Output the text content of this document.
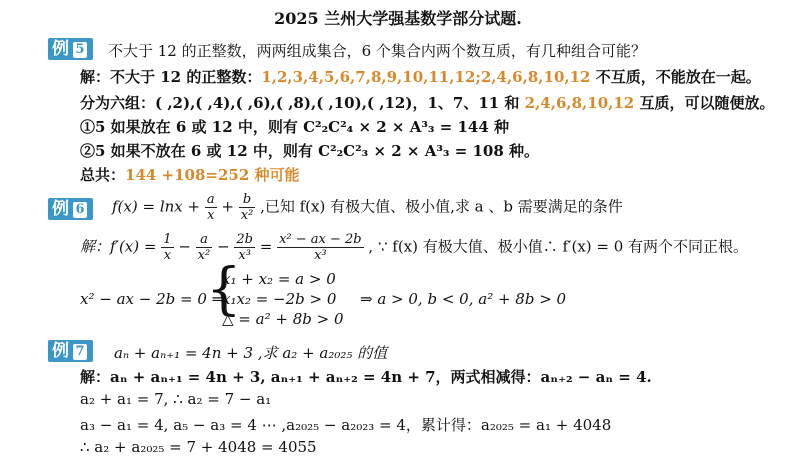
2025 兰州大学强基数学部分试题.
例 5	不大于 12 的正整数，两两组成集合，6 个集合内两个数互质，有几种组合可能？
解：不大于 12 的正整数：1,2,3,4,5,6,7,8,9,10,11,12;2,4,6,8,10,12 不互质，不能放在一起。
分为六组：( ,2),( ,4),( ,6),( ,8),( ,10),( ,12)，1、7、11 和 2,4,6,8,10,12 互质，可以随便放。
①5 如果放在 6 或 12 中，则有 C²₂C²₄ × 2 × A³₃ = 144 种
②5 如果不放在 6 或 12 中，则有 C²₂C²₃ × 2 × A³₃ = 108 种。
总共：144 +108=252 种可能
例 6	$f(x) = \ln x + \frac{a}{x} + \frac{b}{\text{x²}}$ ,已知 f(x) 有极大值、极小值,求 a 、b 需要满足的条件
解：$f'(x) = \frac{1}{x} - \frac{a}{\text{x²}} - \frac{2b}{\text{x³}} = \frac{\text{x² − ax − 2b}}{\text{x³}}$ , ∵ f(x) 有极大值、极小值∴ f′(x) = 0 有两个不同正根。
x² − ax − 2b = 0 ⇒
{
x₁ + x₂ = a > 0
x₁x₂ = −2b > 0
△ = a² + 8b > 0
⇒ a > 0, b < 0, a² + 8b > 0
例 7	aₙ + aₙ₊₁ = 4n + 3 ,求 a₂ + a₂₀₂₅ 的值
解：aₙ + aₙ₊₁ = 4n + 3, aₙ₊₁ + aₙ₊₂ = 4n + 7，两式相减得：aₙ₊₂ − aₙ = 4.
a₂ + a₁ = 7, ∴ a₂ = 7 − a₁
a₃ − a₁ = 4, a₅ − a₃ = 4 ⋯ ,a₂₀₂₅ − a₂₀₂₃ = 4，累计得：a₂₀₂₅ = a₁ + 4048
∴ a₂ + a₂₀₂₅ = 7 + 4048 = 4055
